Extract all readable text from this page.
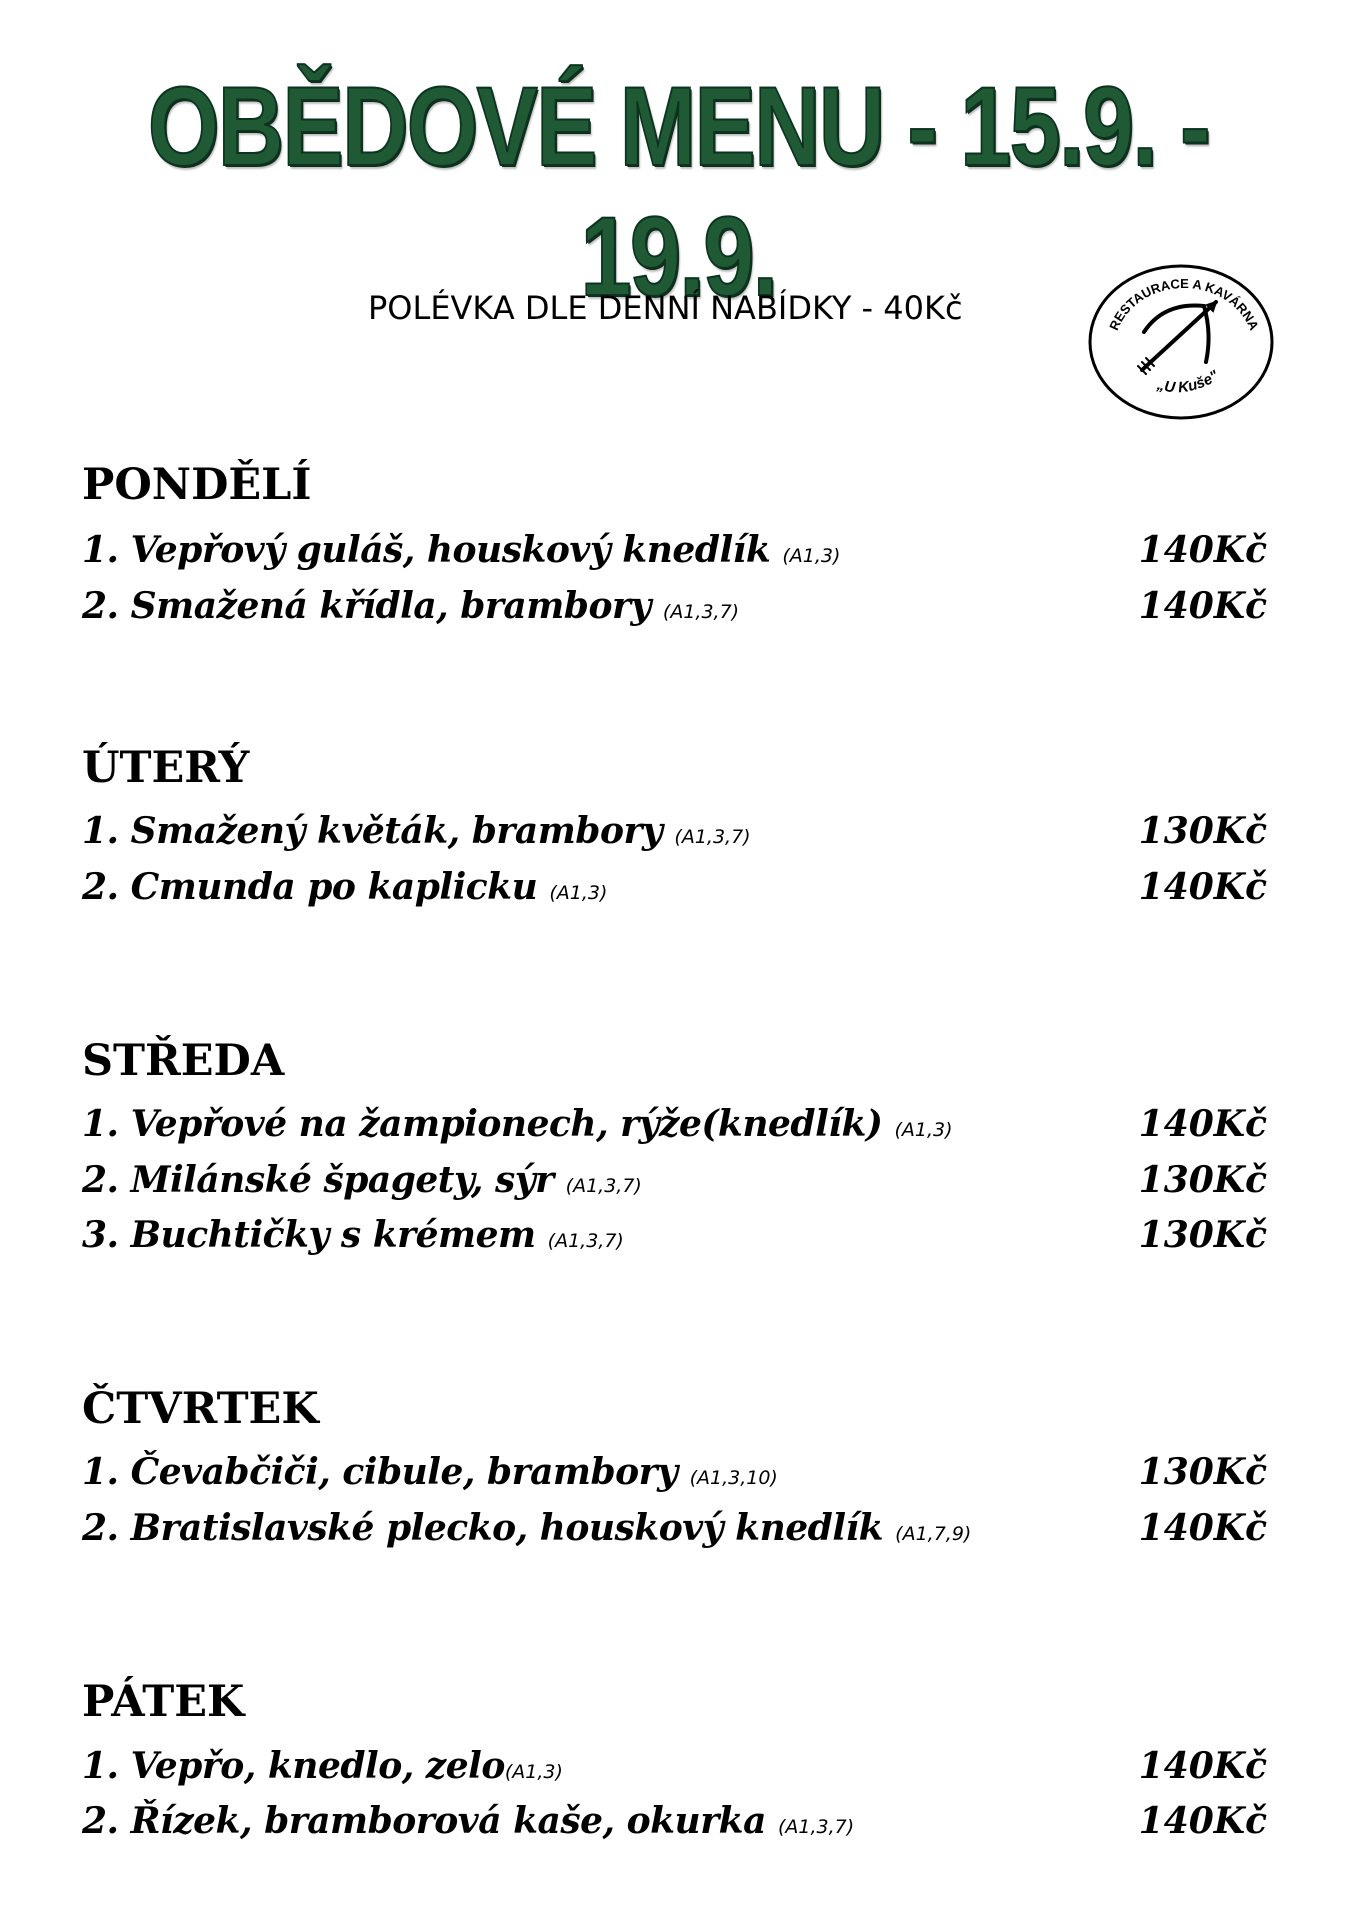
OBĚDOVÉ MENU - 15.9. - 19.9.
POLÉVKA DLE DENNÍ NABÍDKY - 40Kč	RESTAURACE A KAVÁRNA
„U Kuše"
PONDĚLÍ
1. Vepřový guláš, houskový knedlík (A1,3)	140Kč
2. Smažená křídla, brambory (A1,3,7)	140Kč
ÚTERÝ
1. Smažený květák, brambory (A1,3,7)	130Kč
2. Cmunda po kaplicku (A1,3)	140Kč
STŘEDA
1. Vepřové na žampionech, rýže(knedlík) (A1,3)	140Kč
2. Milánské špagety, sýr (A1,3,7)	130Kč
3. Buchtičky s krémem (A1,3,7)	130Kč
ČTVRTEK
1. Čevabčiči, cibule, brambory (A1,3,10)	130Kč
2. Bratislavské plecko, houskový knedlík (A1,7,9)	140Kč
PÁTEK
1. Vepřo, knedlo, zelo(A1,3)	140Kč
2. Řízek, bramborová kaše, okurka (A1,3,7)	140Kč
